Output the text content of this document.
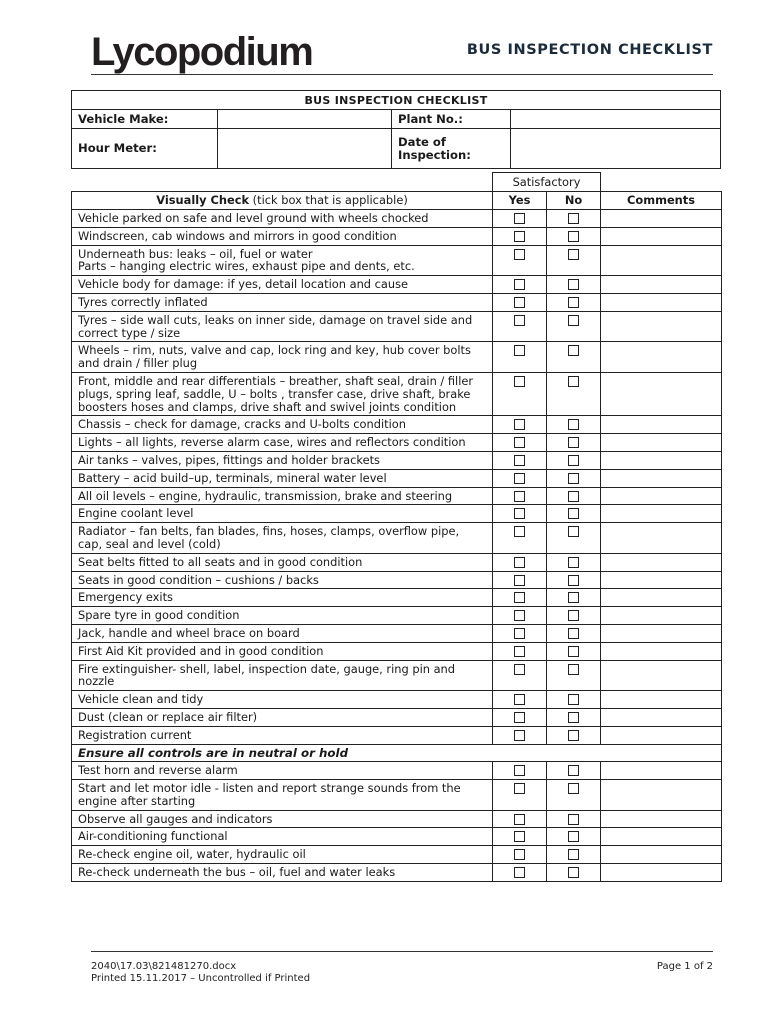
Lycopodium	BUS INSPECTION CHECKLIST
BUS INSPECTION CHECKLIST			
Vehicle Make:		Plant No.:	
Hour Meter:		Date of
Inspection:	
	Satisfactory		
Visually Check (tick box that is applicable)	Yes	No	Comments
Vehicle parked on safe and level ground with wheels chocked			
Windscreen, cab windows and mirrors in good condition			
Underneath bus: leaks – oil, fuel or water
Parts – hanging electric wires, exhaust pipe and dents, etc.			
Vehicle body for damage: if yes, detail location and cause			
Tyres correctly inflated			
Tyres – side wall cuts, leaks on inner side, damage on travel side and correct type / size			
Wheels – rim, nuts, valve and cap, lock ring and key, hub cover bolts and drain / filler plug			
Front, middle and rear differentials – breather, shaft seal, drain / filler plugs, spring leaf, saddle, U – bolts , transfer case, drive shaft, brake boosters hoses and clamps, drive shaft and swivel joints condition			
Chassis – check for damage, cracks and U-bolts condition			
Lights – all lights, reverse alarm case, wires and reflectors condition			
Air tanks – valves, pipes, fittings and holder brackets			
Battery – acid build–up, terminals, mineral water level			
All oil levels – engine, hydraulic, transmission, brake and steering			
Engine coolant level			
Radiator – fan belts, fan blades, fins, hoses, clamps, overflow pipe, cap, seal and level (cold)			
Seat belts fitted to all seats and in good condition			
Seats in good condition – cushions / backs			
Emergency exits			
Spare tyre in good condition			
Jack, handle and wheel brace on board			
First Aid Kit provided and in good condition			
Fire extinguisher- shell, label, inspection date, gauge, ring pin and nozzle			
Vehicle clean and tidy			
Dust (clean or replace air filter)			
Registration current			
Ensure all controls are in neutral or hold			
Test horn and reverse alarm			
Start and let motor idle - listen and report strange sounds from the engine after starting			
Observe all gauges and indicators			
Air-conditioning functional			
Re-check engine oil, water, hydraulic oil			
Re-check underneath the bus – oil, fuel and water leaks			
2040\17.03\821481270.docx
Printed 15.11.2017 – Uncontrolled if Printed
Page 1 of 2
